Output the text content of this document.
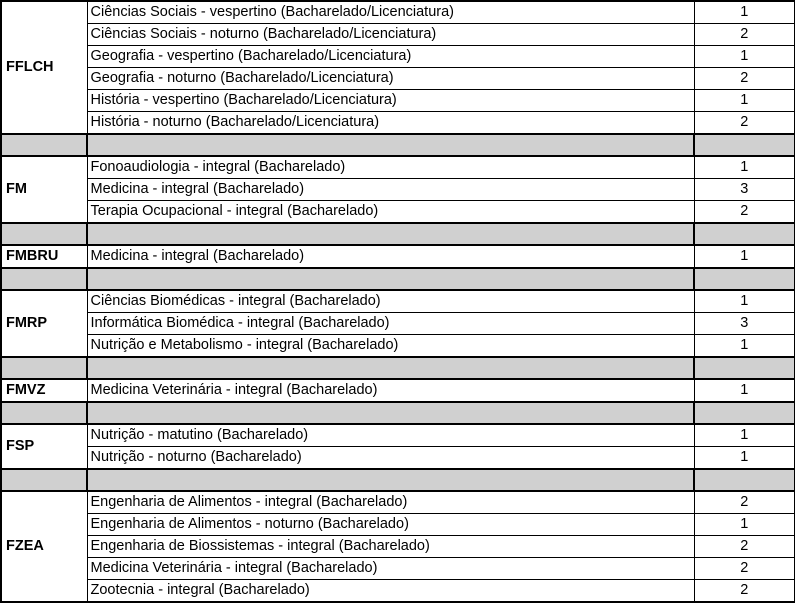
FFLCH	Ciências Sociais - vespertino (Bacharelado/Licenciatura)	1
	Ciências Sociais - noturno (Bacharelado/Licenciatura)	2
	Geografia - vespertino (Bacharelado/Licenciatura)	1
	Geografia - noturno (Bacharelado/Licenciatura)	2
	História - vespertino (Bacharelado/Licenciatura)	1
	História - noturno (Bacharelado/Licenciatura)	2

FM	Fonoaudiologia - integral (Bacharelado)	1
	Medicina - integral (Bacharelado)	3
	Terapia Ocupacional - integral (Bacharelado)	2

FMBRU	Medicina - integral (Bacharelado)	1

FMRP	Ciências Biomédicas - integral (Bacharelado)	1
	Informática Biomédica - integral (Bacharelado)	3
	Nutrição e Metabolismo - integral (Bacharelado)	1

FMVZ	Medicina Veterinária - integral (Bacharelado)	1

FSP	Nutrição - matutino (Bacharelado)	1
	Nutrição - noturno (Bacharelado)	1

FZEA	Engenharia de Alimentos - integral (Bacharelado)	2
	Engenharia de Alimentos - noturno (Bacharelado)	1
	Engenharia de Biossistemas - integral (Bacharelado)	2
	Medicina Veterinária - integral (Bacharelado)	2
	Zootecnia - integral (Bacharelado)	2
